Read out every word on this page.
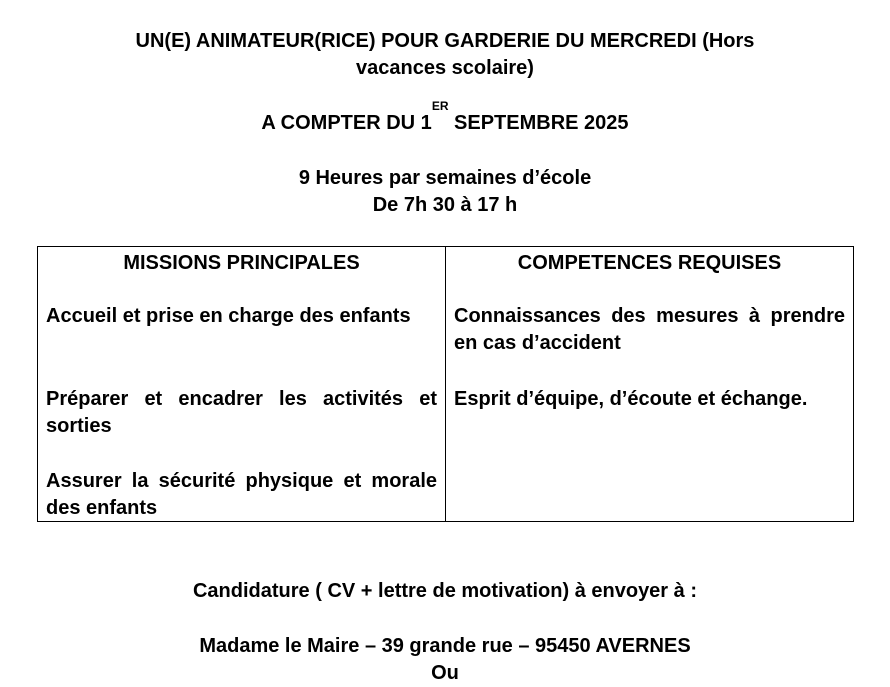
UN(E) ANIMATEUR(RICE) POUR GARDERIE DU MERCREDI (Hors
vacances scolaire)
A COMPTER DU 1ER SEPTEMBRE 2025
9 Heures par semaines d’école
De 7h 30 à 17 h
MISSIONS PRINCIPALES
Accueil et prise en charge des enfants
Préparer et encadrer les activités et sorties
Assurer la sécurité physique et morale des enfants
COMPETENCES REQUISES
Connaissances des mesures à prendre en cas d’accident
Esprit d’équipe, d’écoute et échange.
Candidature ( CV + lettre de motivation) à envoyer à :
Madame le Maire – 39 grande rue – 95450 AVERNES
Ou
